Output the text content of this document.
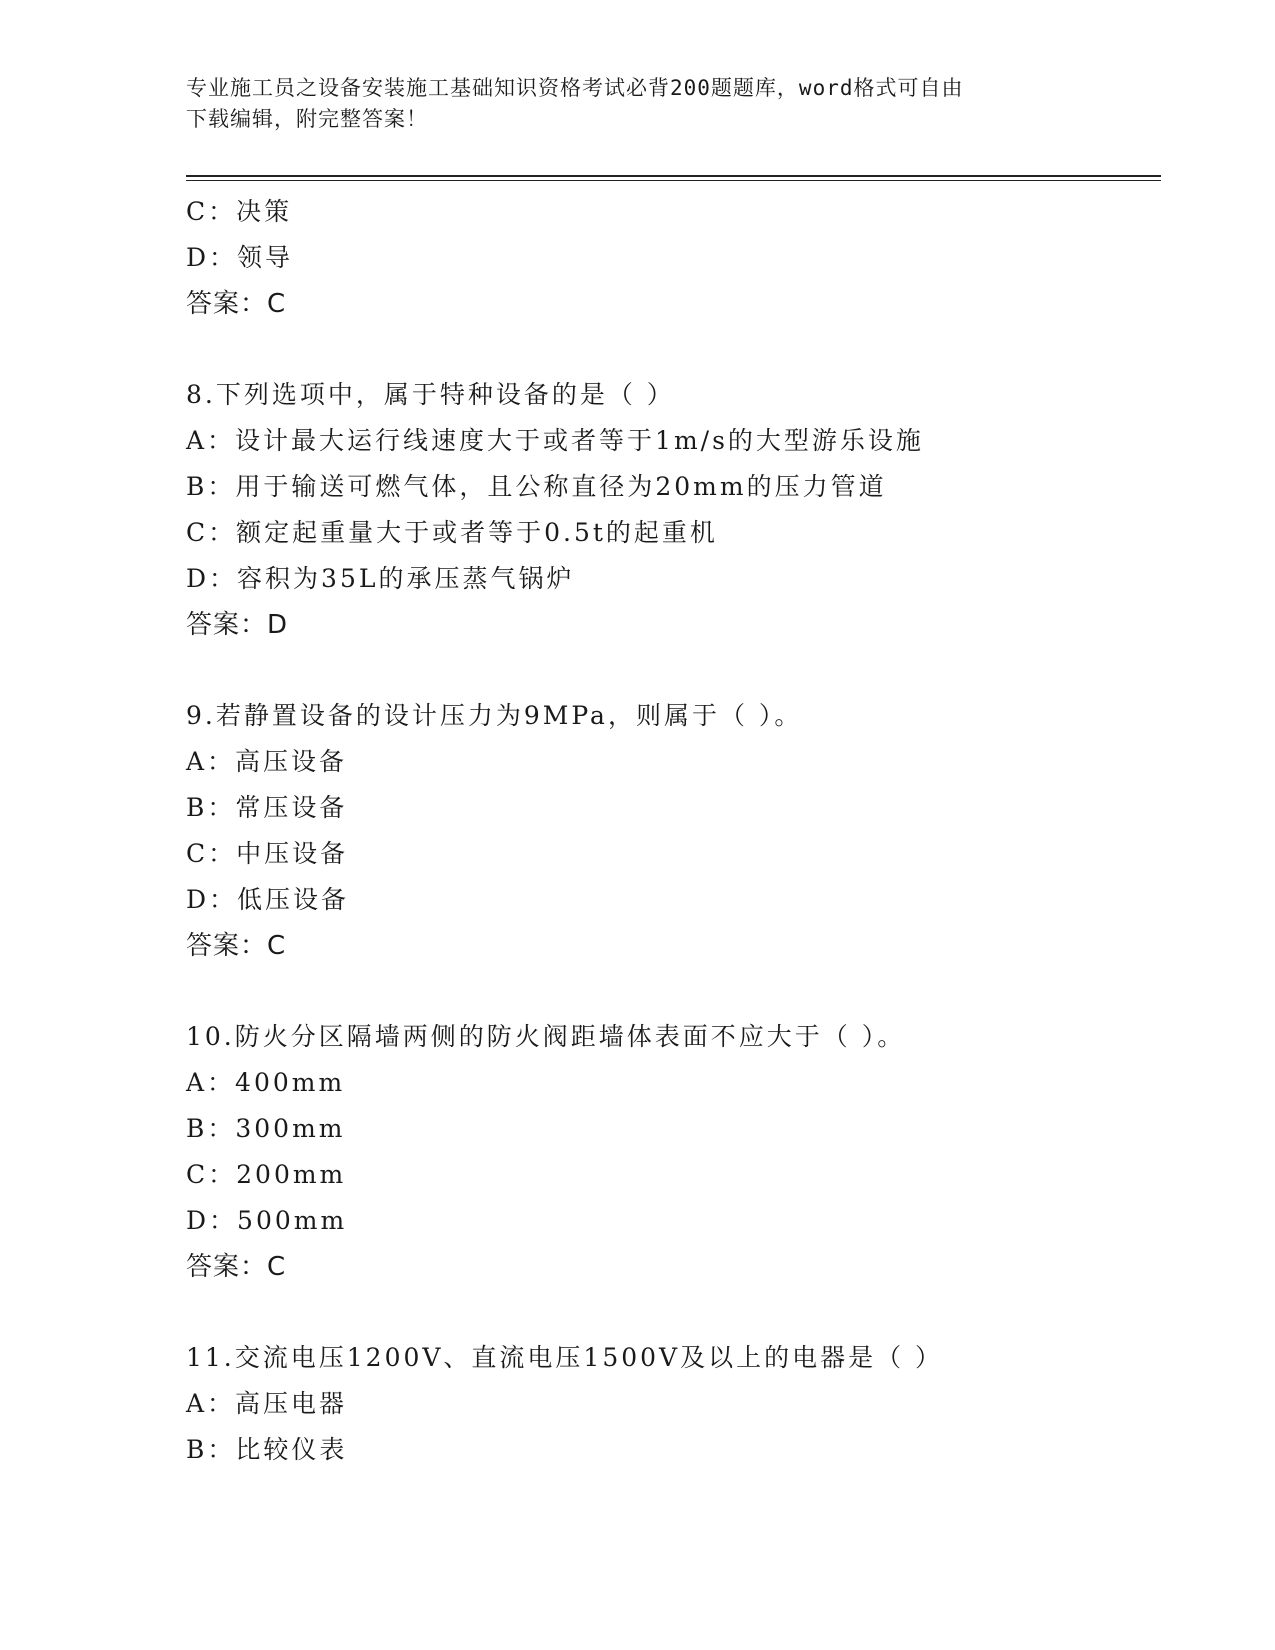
专业施工员之设备安装施工基础知识资格考试必背200题题库，word格式可自由
下载编辑，附完整答案！
C：决策
D：领导
答案：C
8.下列选项中，属于特种设备的是（ ）
A：设计最大运行线速度大于或者等于1m/s的大型游乐设施
B：用于输送可燃气体，且公称直径为20mm的压力管道
C：额定起重量大于或者等于0.5t的起重机
D：容积为35L的承压蒸气锅炉
答案：D
9.若静置设备的设计压力为9MPa，则属于（ ）。
A：高压设备
B：常压设备
C：中压设备
D：低压设备
答案：C
10.防火分区隔墙两侧的防火阀距墙体表面不应大于（ ）。
A：400mm
B：300mm
C：200mm
D：500mm
答案：C
11.交流电压1200V、直流电压1500V及以上的电器是（ ）
A：高压电器
B：比较仪表
